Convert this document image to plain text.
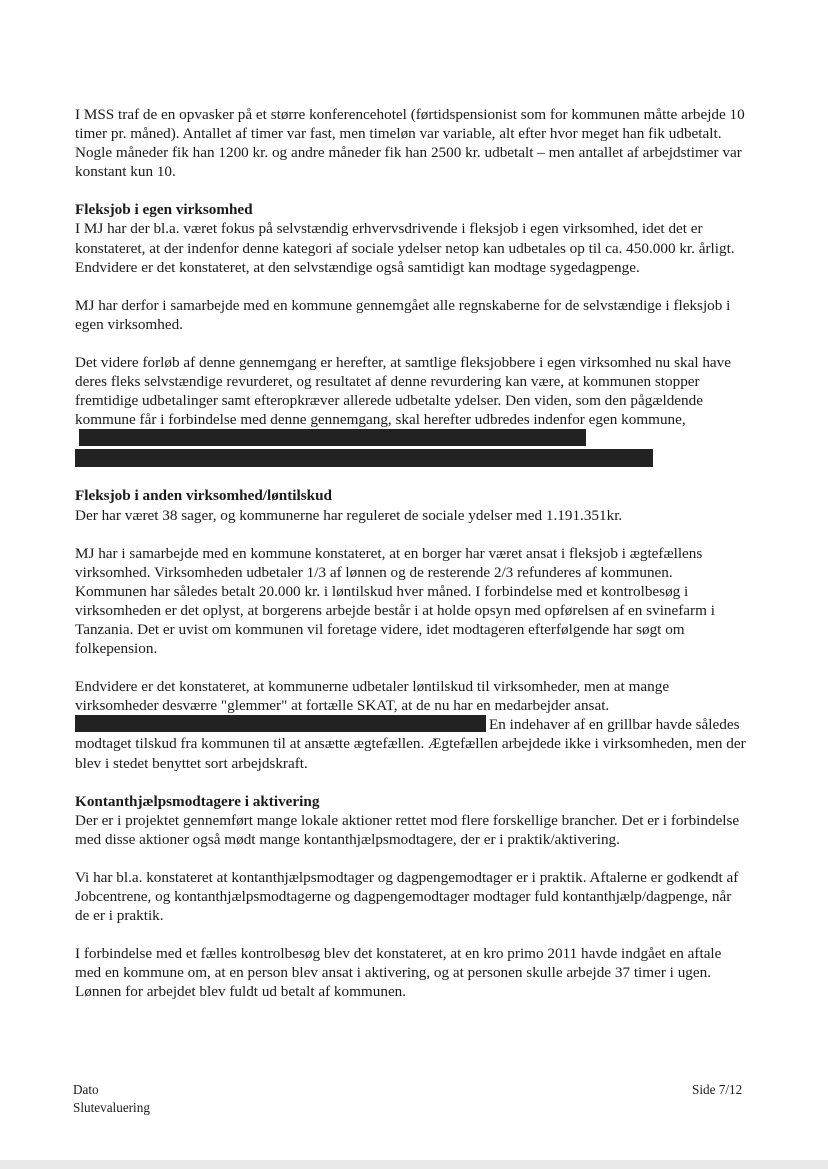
I MSS traf de en opvasker på et større konferencehotel (førtidspensionist som for kommunen måtte arbejde 10 timer pr. måned). Antallet af timer var fast, men timeløn var variable, alt efter hvor meget han fik udbetalt. Nogle måneder fik han 1200 kr. og andre måneder fik han 2500 kr. udbetalt – men antallet af arbejdstimer var konstant kun 10.

Fleksjob i egen virksomhed

I MJ har der bl.a. været fokus på selvstændig erhvervsdrivende i fleksjob i egen virksomhed, idet det er konstateret, at der indenfor denne kategori af sociale ydelser netop kan udbetales op til ca. 450.000 kr. årligt. Endvidere er det konstateret, at den selvstændige også samtidigt kan modtage sygedagpenge.

MJ har derfor i samarbejde med en kommune gennemgået alle regnskaberne for de selvstændige i fleksjob i egen virksomhed.

Det videre forløb af denne gennemgang er herefter, at samtlige fleksjobbere i egen virksomhed nu skal have deres fleks selvstændige revurderet, og resultatet af denne revurdering kan være, at kommunen stopper fremtidige udbetalinger samt efteropkræver allerede udbetalte ydelser. Den viden, som den pågældende kommune får i forbindelse med denne gennemgang, skal herefter udbredes indenfor egen kommune,

Fleksjob i anden virksomhed/løntilskud

Der har været 38 sager, og kommunerne har reguleret de sociale ydelser med 1.191.351kr.

MJ har i samarbejde med en kommune konstateret, at en borger har været ansat i fleksjob i ægtefællens virksomhed. Virksomheden udbetaler 1/3 af lønnen og de resterende 2/3 refunderes af kommunen. Kommunen har således betalt 20.000 kr. i løntilskud hver måned. I forbindelse med et kontrolbesøg i virksomheden er det oplyst, at borgerens arbejde består i at holde opsyn med opførelsen af en svinefarm i Tanzania. Det er uvist om kommunen vil foretage videre, idet modtageren efterfølgende har søgt om folkepension.

Endvidere er det konstateret, at kommunerne udbetaler løntilskud til virksomheder, men at mange virksomheder desværre "glemmer" at fortælle SKAT, at de nu har en medarbejder ansat.
En indehaver af en grillbar havde således modtaget tilskud fra kommunen til at ansætte ægtefællen. Ægtefællen arbejdede ikke i virksomheden, men der blev i stedet benyttet sort arbejdskraft.

Kontanthjælpsmodtagere i aktivering

Der er i projektet gennemført mange lokale aktioner rettet mod flere forskellige brancher. Det er i forbindelse med disse aktioner også mødt mange kontanthjælpsmodtagere, der er i praktik/aktivering.

Vi har bl.a. konstateret at kontanthjælpsmodtager og dagpengemodtager er i praktik. Aftalerne er godkendt af Jobcentrene, og kontanthjælpsmodtagerne og dagpengemodtager modtager fuld kontanthjælp/dagpenge, når de er i praktik.

I forbindelse med et fælles kontrolbesøg blev det konstateret, at en kro primo 2011 havde indgået en aftale med en kommune om, at en person blev ansat i aktivering, og at personen skulle arbejde 37 timer i ugen. Lønnen for arbejdet blev fuldt ud betalt af kommunen.

Dato
Slutevaluering
Side 7/12
